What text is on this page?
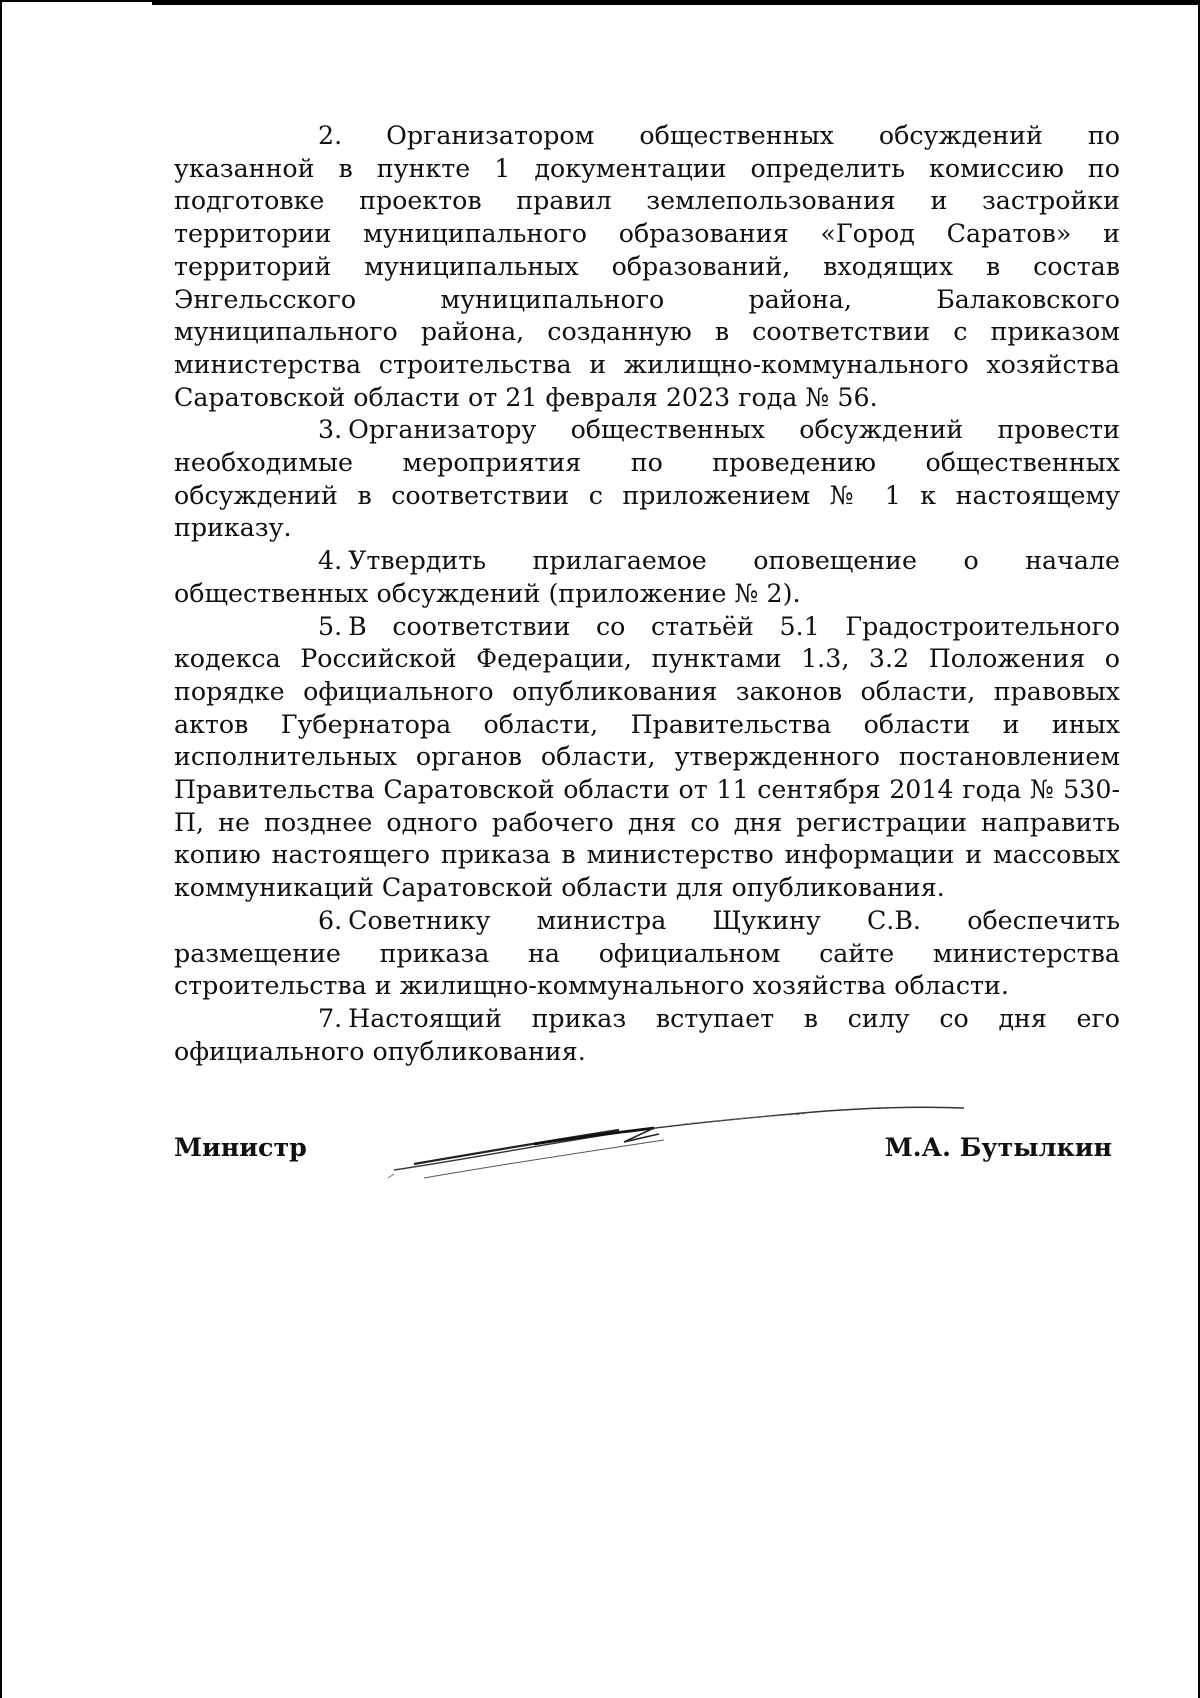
2. Организатором общественных обсуждений по указанной в пункте 1 документации определить комиссию по подготовке проектов правил землепользования и застройки территории муниципального образования «Город Саратов» и территорий муниципальных образований, входящих в состав Энгельсского муниципального района, Балаковского муниципального района, созданную в соответствии с приказом министерства строительства и жилищно-коммунального хозяйства Саратовской области от 21 февраля 2023 года № 56.

3. Организатору общественных обсуждений провести необходимые мероприятия по проведению общественных обсуждений в соответствии с приложением № 1 к настоящему приказу.

4. Утвердить прилагаемое оповещение о начале общественных обсуждений (приложение № 2).

5. В соответствии со статьёй 5.1 Градостроительного кодекса Российской Федерации, пунктами 1.3, 3.2 Положения о порядке официального опубликования законов области, правовых актов Губернатора области, Правительства области и иных исполнительных органов области, утвержденного постановлением Правительства Саратовской области от 11 сентября 2014 года № 530-П, не позднее одного рабочего дня со дня регистрации направить копию настоящего приказа в министерство информации и массовых коммуникаций Саратовской области для опубликования.

6. Советнику министра Щукину С.В. обеспечить размещение приказа на официальном сайте министерства строительства и жилищно-коммунального хозяйства области.

7. Настоящий приказ вступает в силу со дня его официального опубликования.

Министр	М.А. Бутылкин
